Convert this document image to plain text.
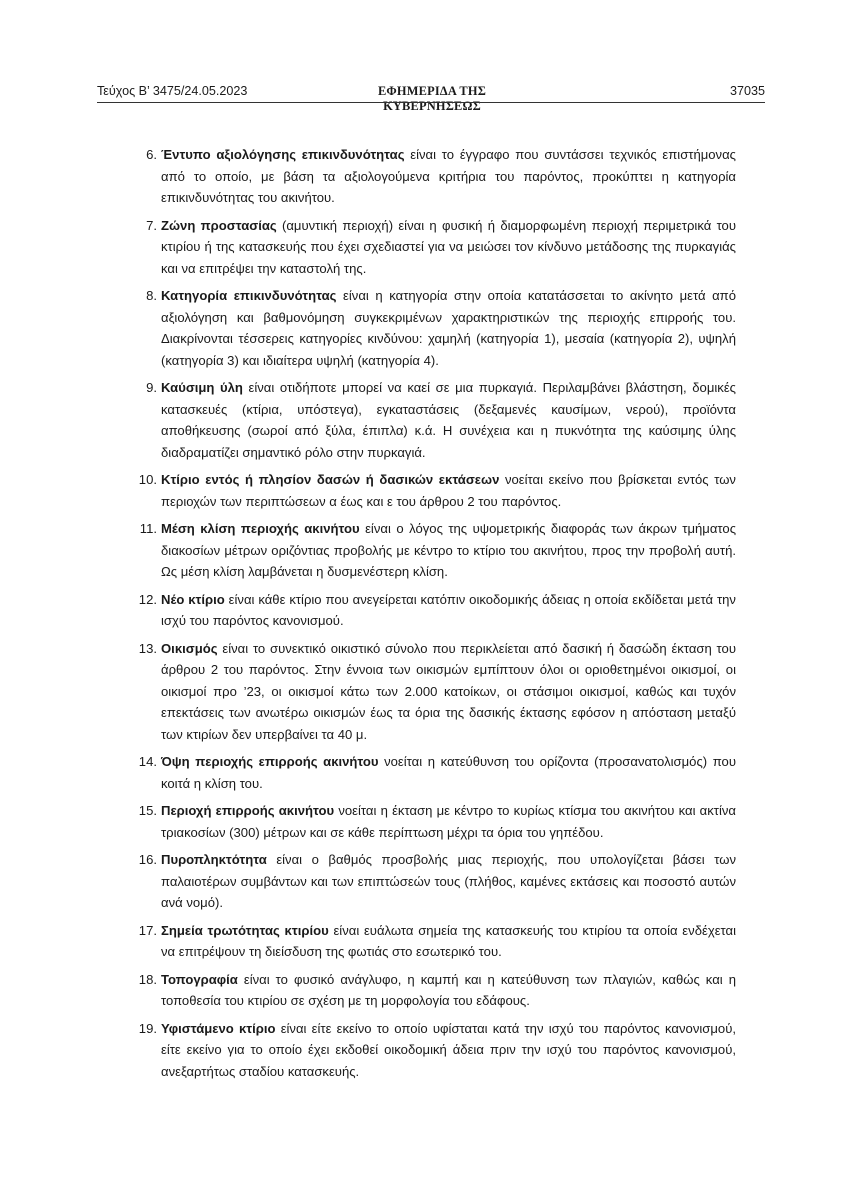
Τεύχος Β’ 3475/24.05.2023	ΕΦΗΜΕΡΙΔΑ ΤΗΣ ΚΥΒΕΡΝΗΣΕΩΣ
37035
6. Έντυπο αξιολόγησης επικινδυνότητας είναι το έγγραφο που συντάσσει τεχνικός επιστήμονας από το οποίο, με βάση τα αξιολογούμενα κριτήρια του παρόντος, προκύπτει η κατηγορία επικινδυνότητας του ακινήτου.
7. Ζώνη προστασίας (αμυντική περιοχή) είναι η φυσική ή διαμορφωμένη περιοχή περιμετρικά του κτιρίου ή της κατασκευής που έχει σχεδιαστεί για να μειώσει τον κίνδυνο μετάδοσης της πυρκαγιάς και να επιτρέψει την καταστολή της.
8. Κατηγορία επικινδυνότητας είναι η κατηγορία στην οποία κατατάσσεται το ακίνητο μετά από αξιολόγηση και βαθμονόμηση συγκεκριμένων χαρακτηριστικών της περιοχής επιρροής του. Διακρίνονται τέσσερεις κατηγορίες κινδύνου: χαμηλή (κατηγορία 1), μεσαία (κατηγορία 2), υψηλή (κατηγορία 3) και ιδιαίτερα υψηλή (κατηγορία 4).
9. Καύσιμη ύλη είναι οτιδήποτε μπορεί να καεί σε μια πυρκαγιά. Περιλαμβάνει βλάστηση, δομικές κατασκευές (κτίρια, υπόστεγα), εγκαταστάσεις (δεξαμενές καυσίμων, νερού), προϊόντα αποθήκευσης (σωροί από ξύλα, έπιπλα) κ.ά. Η συνέχεια και η πυκνότητα της καύσιμης ύλης διαδραματίζει σημαντικό ρόλο στην πυρκαγιά.
10. Κτίριο εντός ή πλησίον δασών ή δασικών εκτάσεων νοείται εκείνο που βρίσκεται εντός των περιοχών των περιπτώσεων α έως και ε του άρθρου 2 του παρόντος.
11. Μέση κλίση περιοχής ακινήτου είναι ο λόγος της υψομετρικής διαφοράς των άκρων τμήματος διακοσίων μέτρων οριζόντιας προβολής με κέντρο το κτίριο του ακινήτου, προς την προβολή αυτή. Ως μέση κλίση λαμβάνεται η δυσμενέστερη κλίση.
12. Νέο κτίριο είναι κάθε κτίριο που ανεγείρεται κατόπιν οικοδομικής άδειας η οποία εκδίδεται μετά την ισχύ του παρόντος κανονισμού.
13. Οικισμός είναι το συνεκτικό οικιστικό σύνολο που περικλείεται από δασική ή δασώδη έκταση του άρθρου 2 του παρόντος. Στην έννοια των οικισμών εμπίπτουν όλοι οι οριοθετημένοι οικισμοί, οι οικισμοί προ ’23, οι οικισμοί κάτω των 2.000 κατοίκων, οι στάσιμοι οικισμοί, καθώς και τυχόν επεκτάσεις των ανωτέρω οικισμών έως τα όρια της δασικής έκτασης εφόσον η απόσταση μεταξύ των κτιρίων δεν υπερβαίνει τα 40 μ.
14. Όψη περιοχής επιρροής ακινήτου νοείται η κατεύθυνση του ορίζοντα (προσανατολισμός) που κοιτά η κλίση του.
15. Περιοχή επιρροής ακινήτου νοείται η έκταση με κέντρο το κυρίως κτίσμα του ακινήτου και ακτίνα τριακοσίων (300) μέτρων και σε κάθε περίπτωση μέχρι τα όρια του γηπέδου.
16. Πυροπληκτότητα είναι ο βαθμός προσβολής μιας περιοχής, που υπολογίζεται βάσει των παλαιοτέρων συμβάντων και των επιπτώσεών τους (πλήθος, καμένες εκτάσεις και ποσοστό αυτών ανά νομό).
17. Σημεία τρωτότητας κτιρίου είναι ευάλωτα σημεία της κατασκευής του κτιρίου τα οποία ενδέχεται να επιτρέψουν τη διείσδυση της φωτιάς στο εσωτερικό του.
18. Τοπογραφία είναι το φυσικό ανάγλυφο, η καμπή και η κατεύθυνση των πλαγιών, καθώς και η τοποθεσία του κτιρίου σε σχέση με τη μορφολογία του εδάφους.
19. Υφιστάμενο κτίριο είναι είτε εκείνο το οποίο υφίσταται κατά την ισχύ του παρόντος κανονισμού, είτε εκείνο για το οποίο έχει εκδοθεί οικοδομική άδεια πριν την ισχύ του παρόντος κανονισμού, ανεξαρτήτως σταδίου κατασκευής.
